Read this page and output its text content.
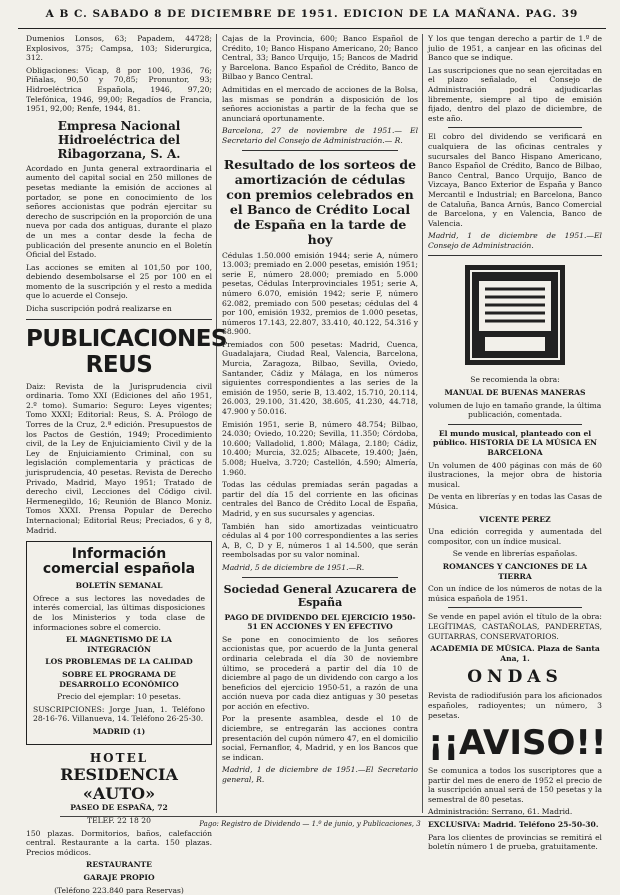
A B C. SABADO 8 DE DICIEMBRE DE 1951. EDICION DE LA MAÑANA. PAG. 39

Dumenios Lonsos, 63; Papadem, 44728; Explosivos, 375; Campsa, 103; Siderurgica, 312.

Obligaciones: Vicap, 8 por 100, 1936, 76; Piñalas, 90,50 y 70,85; Pronuntor, 93; Hidroeléctrica Española, 1946, 97,20; Telefónica, 1946, 99,00; Regadíos de Francia, 1951, 92,00; Renfe, 1944, 81.

Empresa Nacional Hidroeléctrica del Ribagorzana, S. A.

Acordado en Junta general extraordinaria el aumento del capital social en 250 millones de pesetas mediante la emisión de acciones al portador, se pone en conocimiento de los señores accionistas que podrán ejercitar su derecho de suscripción en la proporción de una nueva por cada dos antiguas, durante el plazo de un mes a contar desde la fecha de publicación del presente anuncio en el Boletín Oficial del Estado.

Las acciones se emiten al 101,50 por 100, debiendo desembolsarse el 25 por 100 en el momento de la suscripción y el resto a medida que lo acuerde el Consejo.

Dicha suscripción podrá realizarse en

PUBLICACIONES REUS

Daiz: Revista de la Jurisprudencia civil ordinaria. Tomo XXI (Ediciones del año 1951, 2.º tomo). Sumario: Seguro: Leyes vigentes; Tomo XXXI; Editorial: Reus, S. A. Prólogo de Torres de la Cruz, 2.ª edición. Presupuestos de los Pactos de Gestión, 1949; Procedimiento civil, de la Ley de Enjuiciamiento Civil y de la Ley de Enjuiciamiento Criminal, con su legislación complementaria y prácticas de jurisprudencia, 40 pesetas. Revista de Derecho Privado, Madrid, Mayo 1951; Tratado de derecho civil, Lecciones del Código civil. Hermenegildo, 16; Reunión de Blanco Moniz. Tomos XXXI. Prensa Popular de Derecho Internacional; Editorial Reus; Preciados, 6 y 8, Madrid.

Información comercial española

BOLETÍN SEMANAL

Ofrece a sus lectores las novedades de interés comercial, las últimas disposiciones de los Ministerios y toda clase de informaciones sobre el comercio.

EL MAGNETISMO DE LA INTEGRACIÓN

LOS PROBLEMAS DE LA CALIDAD

SOBRE EL PROGRAMA DE DESARROLLO ECONÓMICO

Precio del ejemplar: 10 pesetas.

SUSCRIPCIONES: Jorge Juan, 1. Teléfono 28-16-76. Villanueva, 14. Teléfono 26-25-30.

MADRID (1)

HOTEL
RESIDENCIA «AUTO»

PASEO DE ESPAÑA, 72

TELÉF. 22 18 20

150 plazas. Dormitorios, baños, calefacción central. Restaurante a la carta. 150 plazas. Precios módicos.

RESTAURANTE

GARAJE PROPIO

(Teléfono 223.840 para Reservas)

Cajas de la Provincia, 600; Banco Español de Crédito, 10; Banco Hispano Americano, 20; Banco Central, 33; Banco Urquijo, 15; Bancos de Madrid y Barcelona. Banco Español de Crédito, Banco de Bilbao y Banco Central.

Admitidas en el mercado de acciones de la Bolsa, las mismas se pondrán a disposición de los señores accionistas a partir de la fecha que se anunciará oportunamente.

Barcelona, 27 de noviembre de 1951.— El Secretario del Consejo de Administración.— R.

Resultado de los sorteos de amortización de cédulas con premios celebrados en el Banco de Crédito Local de España en la tarde de hoy

Cédulas 1.50.000 emisión 1944; serie A, número 13.003; premiado en 2.000 pesetas, emisión 1951; serie E, número 28.000; premiado en 5.000 pesetas, Cédulas Interprovinciales 1951; serie A, número 6.070, emisión 1942; serie F, número 62.082, premiado con 500 pesetas; cédulas del 4 por 100, emisión 1932, premios de 1.000 pesetas, números 17.143, 22.807, 33.410, 40.122, 54.316 y 68.900.

Premiados con 500 pesetas: Madrid, Cuenca, Guadalajara, Ciudad Real, Valencia, Barcelona, Murcia, Zaragoza, Bilbao, Sevilla, Oviedo, Santander, Cádiz y Málaga, en los números siguientes correspondientes a las series de la emisión de 1950, serie B, 13.402, 15.710, 20.114, 26.003, 29.100, 31.420, 38.605, 41.230, 44.718, 47.900 y 50.016.

Emisión 1951, serie B, número 48.754; Bilbao, 24.030; Oviedo, 10.220; Sevilla, 11.350; Córdoba, 10.600; Valladolid, 1.800; Málaga, 2.180; Cádiz, 10.400; Murcia, 32.025; Albacete, 19.400; Jaén, 5.008; Huelva, 3.720; Castellón, 4.590; Almería, 1.960.

Todas las cédulas premiadas serán pagadas a partir del día 15 del corriente en las oficinas centrales del Banco de Crédito Local de España, Madrid, y en sus sucursales y agencias.

También han sido amortizadas veinticuatro cédulas al 4 por 100 correspondientes a las series A, B, C, D y E, números 1 al 14.500, que serán reembolsadas por su valor nominal.

Madrid, 5 de diciembre de 1951.—R.

Sociedad General Azucarera de España

PAGO DE DIVIDENDO DEL EJERCICIO 1950-51 EN ACCIONES Y EN EFECTIVO

Se pone en conocimiento de los señores accionistas que, por acuerdo de la Junta general ordinaria celebrada el día 30 de noviembre último, se procederá a partir del día 10 de diciembre al pago de un dividendo con cargo a los beneficios del ejercicio 1950-51, a razón de una acción nueva por cada diez antiguas y 30 pesetas por acción en efectivo.

Por la presente asamblea, desde el 10 de diciembre, se entregarán las acciones contra presentación del cupón número 47, en el domicilio social, Fernanflor, 4, Madrid, y en los Bancos que se indican.

Madrid, 1 de diciembre de 1951.—El Secretario general, R.

Y los que tengan derecho a partir de 1.º de julio de 1951, a canjear en las oficinas del Banco que se indique.

Las suscripciones que no sean ejercitadas en el plazo señalado, el Consejo de Administración podrá adjudicarlas libremente, siempre al tipo de emisión fijado, dentro del plazo de diciembre, de este año.

El cobro del dividendo se verificará en cualquiera de las oficinas centrales y sucursales del Banco Hispano Americano, Banco Español de Crédito, Banco de Bilbao, Banco Central, Banco Urquijo, Banco de Vizcaya, Banco Exterior de España y Banco Mercantil e Industrial; en Barcelona, Banco de Cataluña, Banca Arnús, Banco Comercial de Barcelona, y en Valencia, Banco de Valencia.

Madrid, 1 de diciembre de 1951.—El Consejo de Administración.

Se recomienda la obra:

MANUAL DE BUENAS MANERAS

volumen de lujo en tamaño grande, la última publicación, comentada.

El mundo musical, planteado con el público. HISTORIA DE LA MÚSICA EN BARCELONA

Un volumen de 400 páginas con más de 60 ilustraciones, la mejor obra de historia musical.

De venta en librerías y en todas las Casas de Música.

VICENTE PEREZ

Una edición corregida y aumentada del compositor, con un índice musical.

Se vende en librerías españolas.

ROMANCES Y CANCIONES DE LA TIERRA

Con un índice de los números de notas de la música española de 1951.

Se vende en papel avión el título de la obra: LEGÍTIMAS, CASTAÑOLAS, PANDERETAS, GUITARRAS, CONSERVATORIOS.

ACADEMIA DE MÚSICA. Plaza de Santa Ana, 1.

ONDAS

Revista de radiodifusión para los aficionados españoles, radioyentes; un número, 3 pesetas.

¡¡AVISO!!

Se comunica a todos los suscriptores que a partir del mes de enero de 1952 el precio de la suscripción anual será de 150 pesetas y la semestral de 80 pesetas.

Administración: Serrano, 61. Madrid.

EXCLUSIVA: Madrid. Teléfono 25-50-30.

Para los clientes de provincias se remitirá el boletín número 1 de prueba, gratuitamente.

Pago: Registro de Dividendo — 1.º de junio, y Publicaciones, 3
